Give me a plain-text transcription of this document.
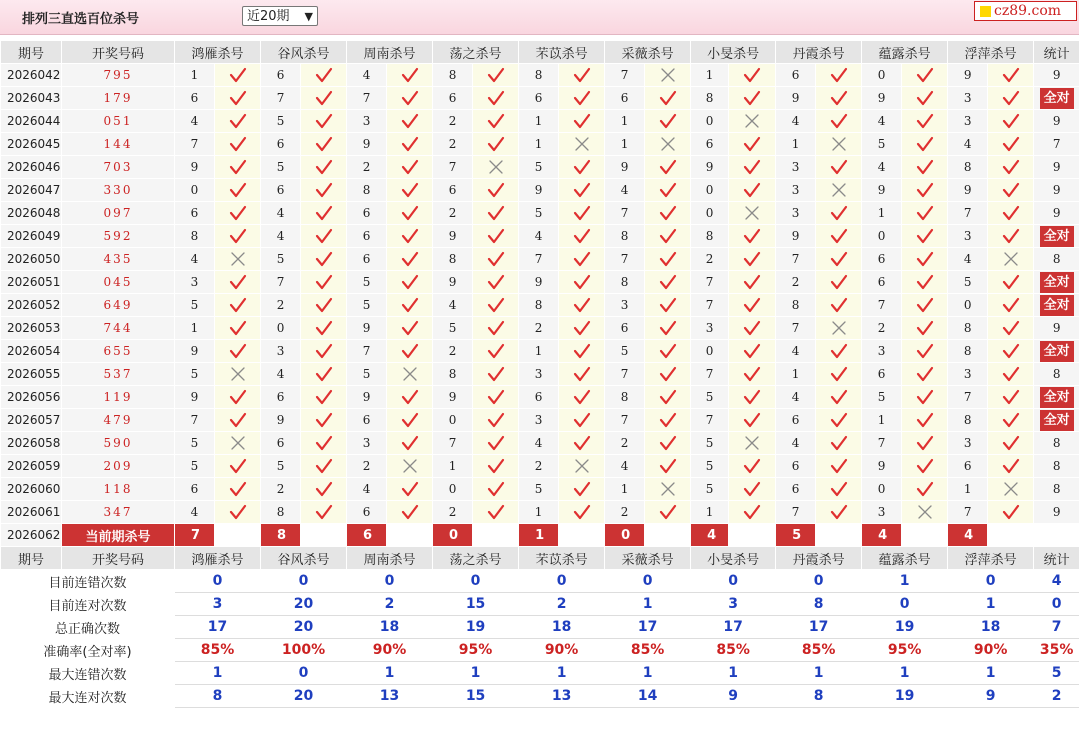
排列三直选百位杀号	近20期 ▼	cz89.com
期号	开奖号码	鸿雁杀号		谷风杀号		周南杀号		荡之杀号		芣苡杀号		采薇杀号		小旻杀号		丹霞杀号		蕴露杀号		浮萍杀号		统计
2026042	795	1		6		4		8		8		7		1		6		0		9		9
2026043	179	6		7		7		6		6		6		8		9		9		3		全对
2026044	051	4		5		3		2		1		1		0		4		4		3		9
2026045	144	7		6		9		2		1		1		6		1		5		4		7
2026046	703	9		5		2		7		5		9		9		3		4		8		9
2026047	330	0		6		8		6		9		4		0		3		9		9		9
2026048	097	6		4		6		2		5		7		0		3		1		7		9
2026049	592	8		4		6		9		4		8		8		9		0		3		全对
2026050	435	4		5		6		8		7		7		2		7		6		4		8
2026051	045	3		7		5		9		9		8		7		2		6		5		全对
2026052	649	5		2		5		4		8		3		7		8		7		0		全对
2026053	744	1		0		9		5		2		6		3		7		2		8		9
2026054	655	9		3		7		2		1		5		0		4		3		8		全对
2026055	537	5		4		5		8		3		7		7		1		6		3		8
2026056	119	9		6		9		9		6		8		5		4		5		7		全对
2026057	479	7		9		6		0		3		7		7		6		1		8		全对
2026058	590	5		6		3		7		4		2		5		4		7		3		8
2026059	209	5		5		2		1		2		4		5		6		9		6		8
2026060	118	6		2		4		0		5		1		5		6		0		1		8
2026061	347	4		8		6		2		1		2		1		7		3		7		9
2026062	当前期杀号	7		8		6		0		1		0		4		5		4		4		
期号	开奖号码	鸿雁杀号		谷风杀号		周南杀号		荡之杀号		芣苡杀号		采薇杀号		小旻杀号		丹霞杀号		蕴露杀号		浮萍杀号		统计
目前连错次数		0		0		0		0		0		0		0		0		1		0		4
目前连对次数		3		20		2		15		2		1		3		8		0		1		0
总正确次数		17		20		18		19		18		17		17		17		19		18		7
准确率(全对率)		85%		100%		90%		95%		90%		85%		85%		85%		95%		90%		35%
最大连错次数		1		0		1		1		1		1		1		1		1		1		5
最大连对次数		8		20		13		15		13		14		9		8		19		9		2
